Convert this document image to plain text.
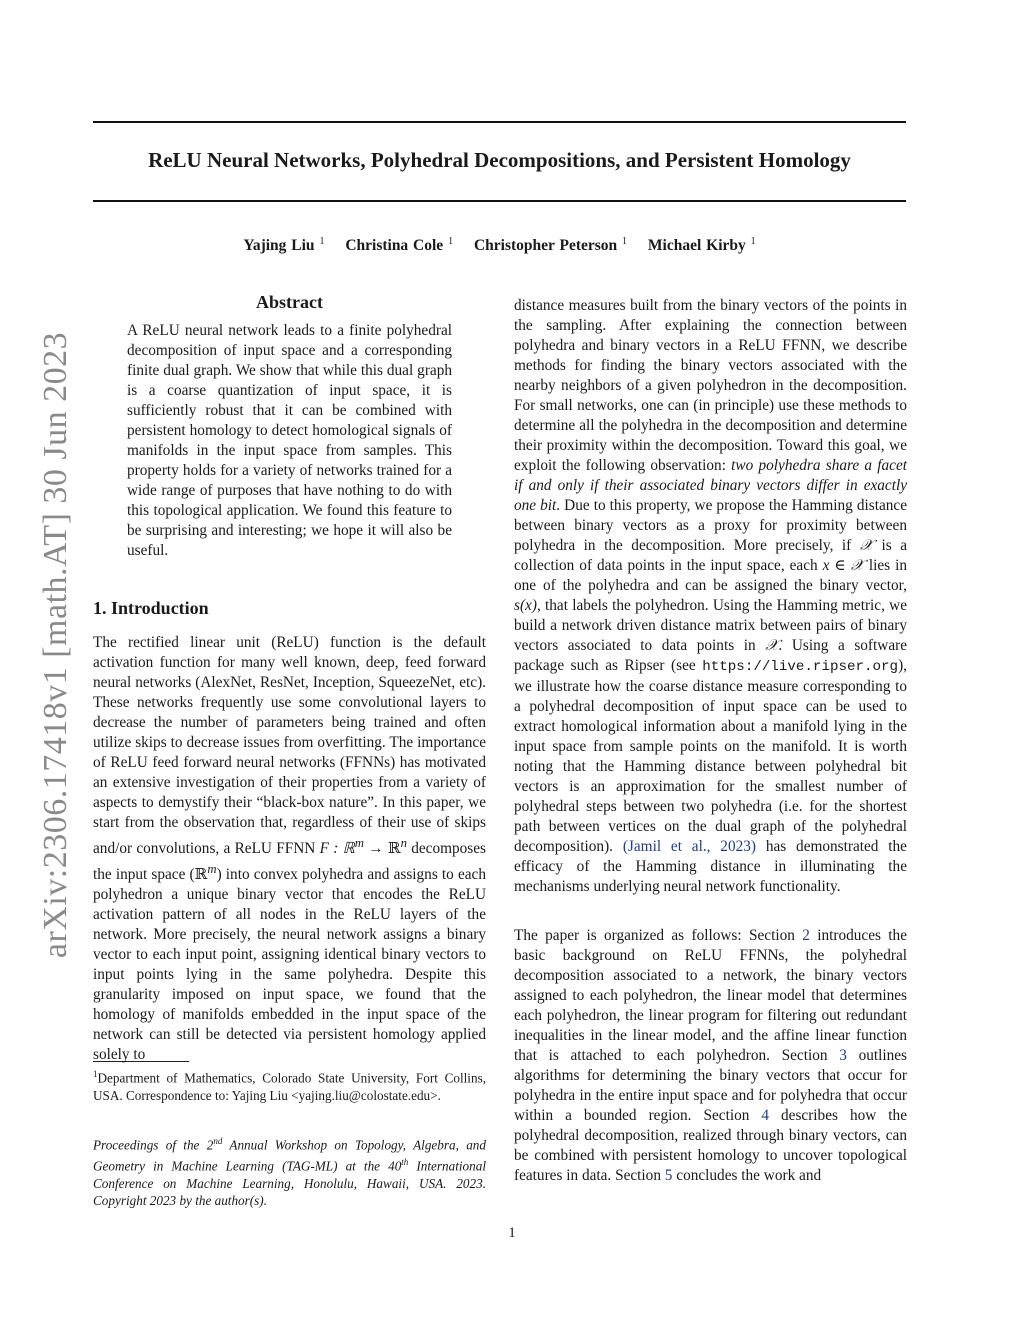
ReLU Neural Networks, Polyhedral Decompositions, and Persistent Homology
Yajing Liu $^1$ Christina Cole $^1$ Christopher Peterson $^1$ Michael Kirby $^1$
arXiv:2306.17418v1 [math.AT] 30 Jun 2023
Abstract
A ReLU neural network leads to a finite polyhedral decomposition of input space and a corresponding finite dual graph. We show that while this dual graph is a coarse quantization of input space, it is sufficiently robust that it can be combined with persistent homology to detect homological signals of manifolds in the input space from samples. This property holds for a variety of networks trained for a wide range of purposes that have nothing to do with this topological application. We found this feature to be surprising and interesting; we hope it will also be useful.
1. Introduction
The rectified linear unit (ReLU) function is the default activation function for many well known, deep, feed forward neural networks (AlexNet, ResNet, Inception, SqueezeNet, etc). These networks frequently use some convolutional layers to decrease the number of parameters being trained and often utilize skips to decrease issues from overfitting. The importance of ReLU feed forward neural networks (FFNNs) has motivated an extensive investigation of their properties from a variety of aspects to demystify their “black-box nature”. In this paper, we start from the observation that, regardless of their use of skips and/or convolutions, a ReLU FFNN F : ℝ$^m$ → ℝ$^n$ decomposes the input space (ℝ$^m$) into convex polyhedra and assigns to each polyhedron a unique binary vector that encodes the ReLU activation pattern of all nodes in the ReLU layers of the network. More precisely, the neural network assigns a binary vector to each input point, assigning identical binary vectors to input points lying in the same polyhedra. Despite this granularity imposed on input space, we found that the homology of manifolds embedded in the input space of the network can still be detected via persistent homology applied solely to
$^1$Department of Mathematics, Colorado State University, Fort Collins, USA. Correspondence to: Yajing Liu <yajing.liu@colostate.edu>.
Proceedings of the 2nd Annual Workshop on Topology, Algebra, and Geometry in Machine Learning (TAG-ML) at the 40th International Conference on Machine Learning, Honolulu, Hawaii, USA. 2023. Copyright 2023 by the author(s).
distance measures built from the binary vectors of the points in the sampling. After explaining the connection between polyhedra and binary vectors in a ReLU FFNN, we describe methods for finding the binary vectors associated with the nearby neighbors of a given polyhedron in the decomposition. For small networks, one can (in principle) use these methods to determine all the polyhedra in the decomposition and determine their proximity within the decomposition. Toward this goal, we exploit the following observation: two polyhedra share a facet if and only if their associated binary vectors differ in exactly one bit. Due to this property, we propose the Hamming distance between binary vectors as a proxy for proximity between polyhedra in the decomposition. More precisely, if 𝒳 is a collection of data points in the input space, each x ∈ 𝒳 lies in one of the polyhedra and can be assigned the binary vector, s(x), that labels the polyhedron. Using the Hamming metric, we build a network driven distance matrix between pairs of binary vectors associated to data points in 𝒳. Using a software package such as Ripser (see https://live.ripser.org), we illustrate how the coarse distance measure corresponding to a polyhedral decomposition of input space can be used to extract homological information about a manifold lying in the input space from sample points on the manifold. It is worth noting that the Hamming distance between polyhedral bit vectors is an approximation for the smallest number of polyhedral steps between two polyhedra (i.e. for the shortest path between vertices on the dual graph of the polyhedral decomposition). (Jamil et al., 2023) has demonstrated the efficacy of the Hamming distance in illuminating the mechanisms underlying neural network functionality.
The paper is organized as follows: Section 2 introduces the basic background on ReLU FFNNs, the polyhedral decomposition associated to a network, the binary vectors assigned to each polyhedron, the linear model that determines each polyhedron, the linear program for filtering out redundant inequalities in the linear model, and the affine linear function that is attached to each polyhedron. Section 3 outlines algorithms for determining the binary vectors that occur for polyhedra in the entire input space and for polyhedra that occur within a bounded region. Section 4 describes how the polyhedral decomposition, realized through binary vectors, can be combined with persistent homology to uncover topological features in data. Section 5 concludes the work and
1
